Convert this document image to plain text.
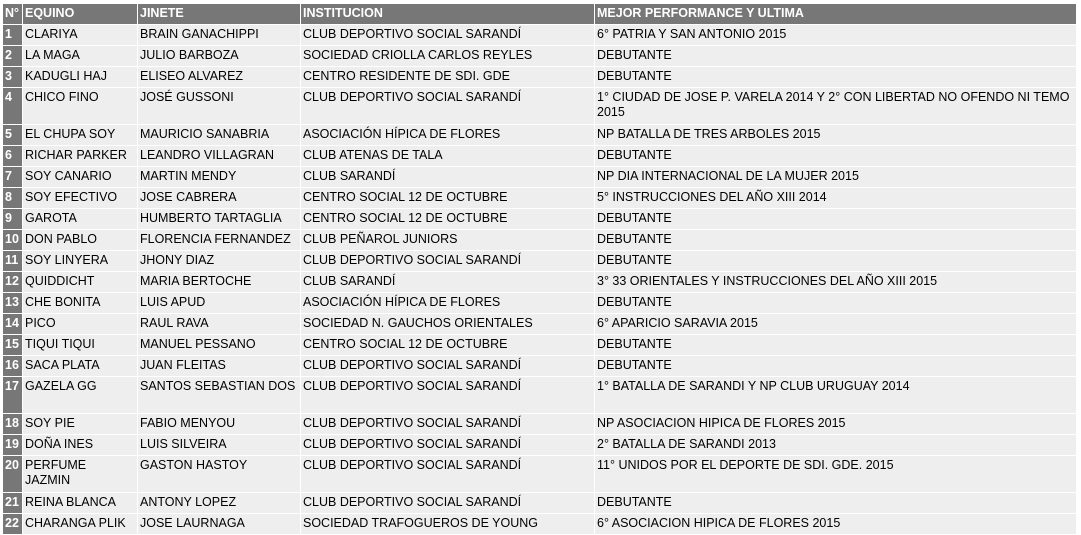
N°	EQUINO	JINETE	INSTITUCION	MEJOR PERFORMANCE Y ULTIMA
1	CLARIYA	BRAIN GANACHIPPI	CLUB DEPORTIVO SOCIAL SARANDÍ	6° PATRIA Y SAN ANTONIO 2015
2	LA MAGA	JULIO BARBOZA	SOCIEDAD CRIOLLA CARLOS REYLES	DEBUTANTE
3	KADUGLI HAJ	ELISEO ALVAREZ	CENTRO RESIDENTE DE SDI. GDE	DEBUTANTE
4	CHICO FINO	JOSÉ GUSSONI	CLUB DEPORTIVO SOCIAL SARANDÍ	1° CIUDAD DE JOSE P. VARELA 2014 Y 2° CON LIBERTAD NO OFENDO NI TEMO 2015
5	EL CHUPA SOY	MAURICIO SANABRIA	ASOCIACIÓN HÍPICA DE FLORES	NP BATALLA DE TRES ARBOLES 2015
6	RICHAR PARKER	LEANDRO VILLAGRAN	CLUB ATENAS DE TALA	DEBUTANTE
7	SOY CANARIO	MARTIN MENDY	CLUB SARANDÍ	NP DIA INTERNACIONAL DE LA MUJER 2015
8	SOY EFECTIVO	JOSE CABRERA	CENTRO SOCIAL 12 DE OCTUBRE	5° INSTRUCCIONES DEL AÑO XIII 2014
9	GAROTA	HUMBERTO TARTAGLIA	CENTRO SOCIAL 12 DE OCTUBRE	DEBUTANTE
10	DON PABLO	FLORENCIA FERNANDEZ	CLUB PEÑAROL JUNIORS	DEBUTANTE
11	SOY LINYERA	JHONY DIAZ	CLUB DEPORTIVO SOCIAL SARANDÍ	DEBUTANTE
12	QUIDDICHT	MARIA BERTOCHE	CLUB SARANDÍ	3° 33 ORIENTALES Y INSTRUCCIONES DEL AÑO XIII 2015
13	CHE BONITA	LUIS APUD	ASOCIACIÓN HÍPICA DE FLORES	DEBUTANTE
14	PICO	RAUL RAVA	SOCIEDAD N. GAUCHOS ORIENTALES	6° APARICIO SARAVIA 2015
15	TIQUI TIQUI	MANUEL PESSANO	CENTRO SOCIAL 12 DE OCTUBRE	DEBUTANTE
16	SACA PLATA	JUAN FLEITAS	CLUB DEPORTIVO SOCIAL SARANDÍ	DEBUTANTE
17	GAZELA GG	SANTOS SEBASTIAN DOS	CLUB DEPORTIVO SOCIAL SARANDÍ	1° BATALLA DE SARANDI Y NP CLUB URUGUAY 2014
18	SOY PIE	FABIO MENYOU	CLUB DEPORTIVO SOCIAL SARANDÍ	NP ASOCIACION HIPICA DE FLORES 2015
19	DOÑA INES	LUIS SILVEIRA	CLUB DEPORTIVO SOCIAL SARANDÍ	2° BATALLA DE SARANDI 2013
20	PERFUME JAZMIN	GASTON HASTOY	CLUB DEPORTIVO SOCIAL SARANDÍ	11° UNIDOS POR EL DEPORTE DE SDI. GDE. 2015
21	REINA BLANCA	ANTONY LOPEZ	CLUB DEPORTIVO SOCIAL SARANDÍ	DEBUTANTE
22	CHARANGA PLIK	JOSE LAURNAGA	SOCIEDAD TRAFOGUEROS DE YOUNG	6° ASOCIACION HIPICA DE FLORES 2015
